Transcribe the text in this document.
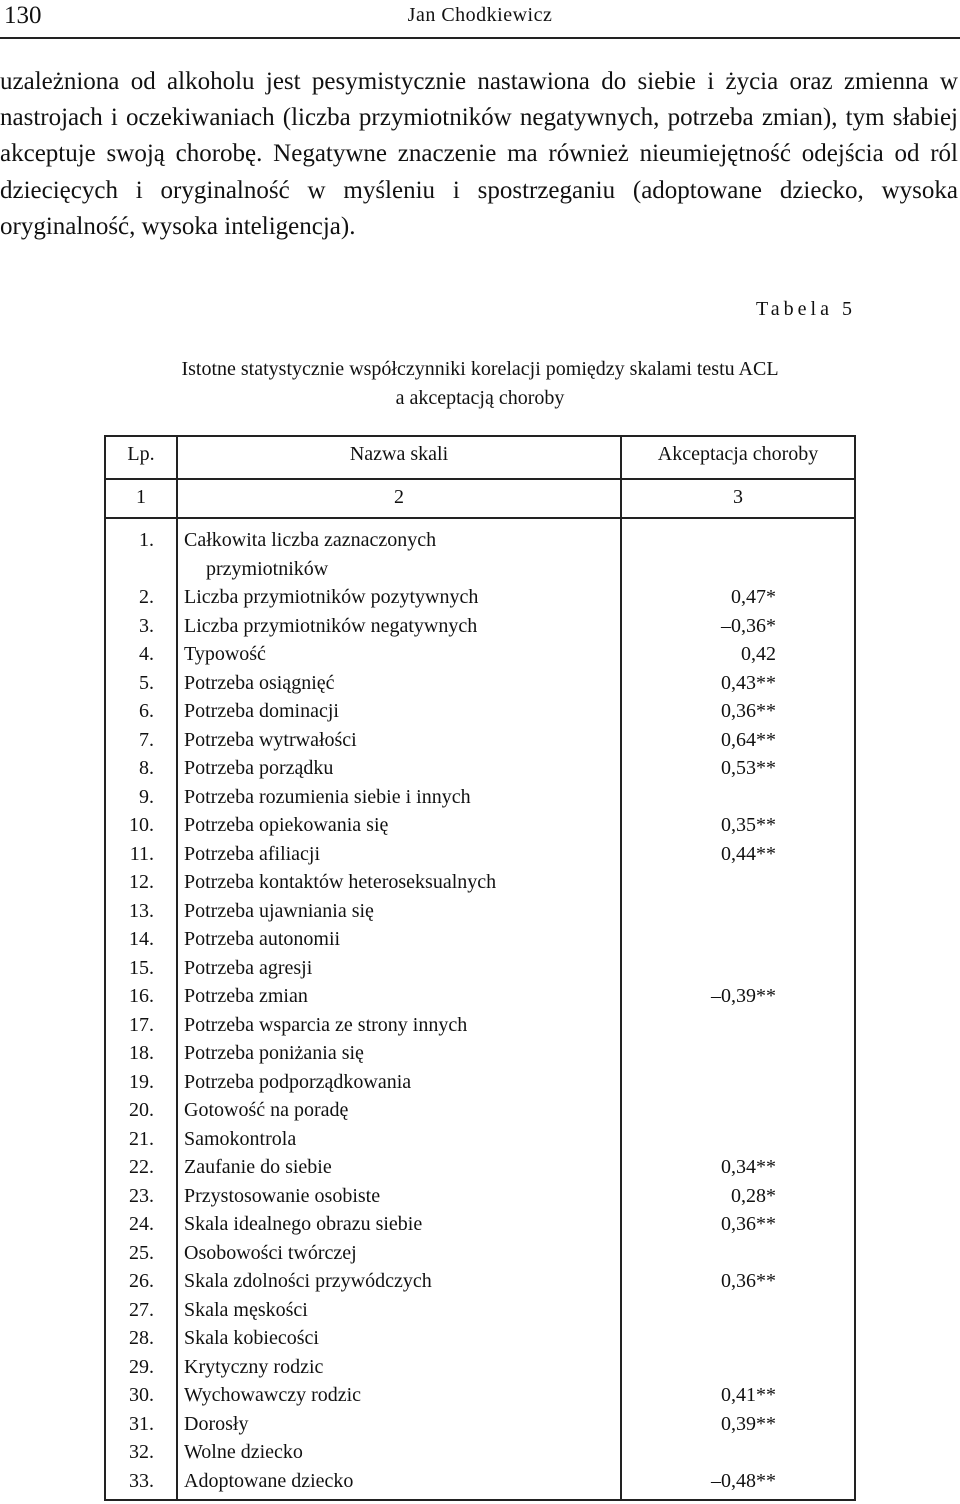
130	Jan Chodkiewicz

uzależniona od alkoholu jest pesymistycznie nastawiona do siebie i życia oraz zmienna w nastrojach i oczekiwaniach (liczba przymiotników negatywnych, potrzeba zmian), tym słabiej akceptuje swoją chorobę. Negatywne znaczenie ma również nieumiejętność odejścia od ról dziecięcych i oryginalność w myśleniu i spostrzeganiu (adoptowane dziecko, wysoka oryginalność, wysoka inteligencja).

Tabela 5

Istotne statystycznie współczynniki korelacji pomiędzy skalami testu ACL
a akceptacją choroby

Lp.	Nazwa skali	Akceptacja choroby
1	2	3
1. Całkowita liczba zaznaczonych
przymiotników
2. Liczba przymiotników pozytywnych	0,47*
3. Liczba przymiotników negatywnych	–0,36*
4. Typowość	0,42
5. Potrzeba osiągnięć	0,43**
6. Potrzeba dominacji	0,36**
7. Potrzeba wytrwałości	0,64**
8. Potrzeba porządku	0,53**
9. Potrzeba rozumienia siebie i innych
10. Potrzeba opiekowania się	0,35**
11. Potrzeba afiliacji	0,44**
12. Potrzeba kontaktów heteroseksualnych
13. Potrzeba ujawniania się
14. Potrzeba autonomii
15. Potrzeba agresji
16. Potrzeba zmian	–0,39**
17. Potrzeba wsparcia ze strony innych
18. Potrzeba poniżania się
19. Potrzeba podporządkowania
20. Gotowość na poradę
21. Samokontrola
22. Zaufanie do siebie	0,34**
23. Przystosowanie osobiste	0,28*
24. Skala idealnego obrazu siebie	0,36**
25. Osobowości twórczej
26. Skala zdolności przywódczych	0,36**
27. Skala męskości
28. Skala kobiecości
29. Krytyczny rodzic
30. Wychowawczy rodzic	0,41**
31. Dorosły	0,39**
32. Wolne dziecko
33. Adoptowane dziecko	–0,48**
